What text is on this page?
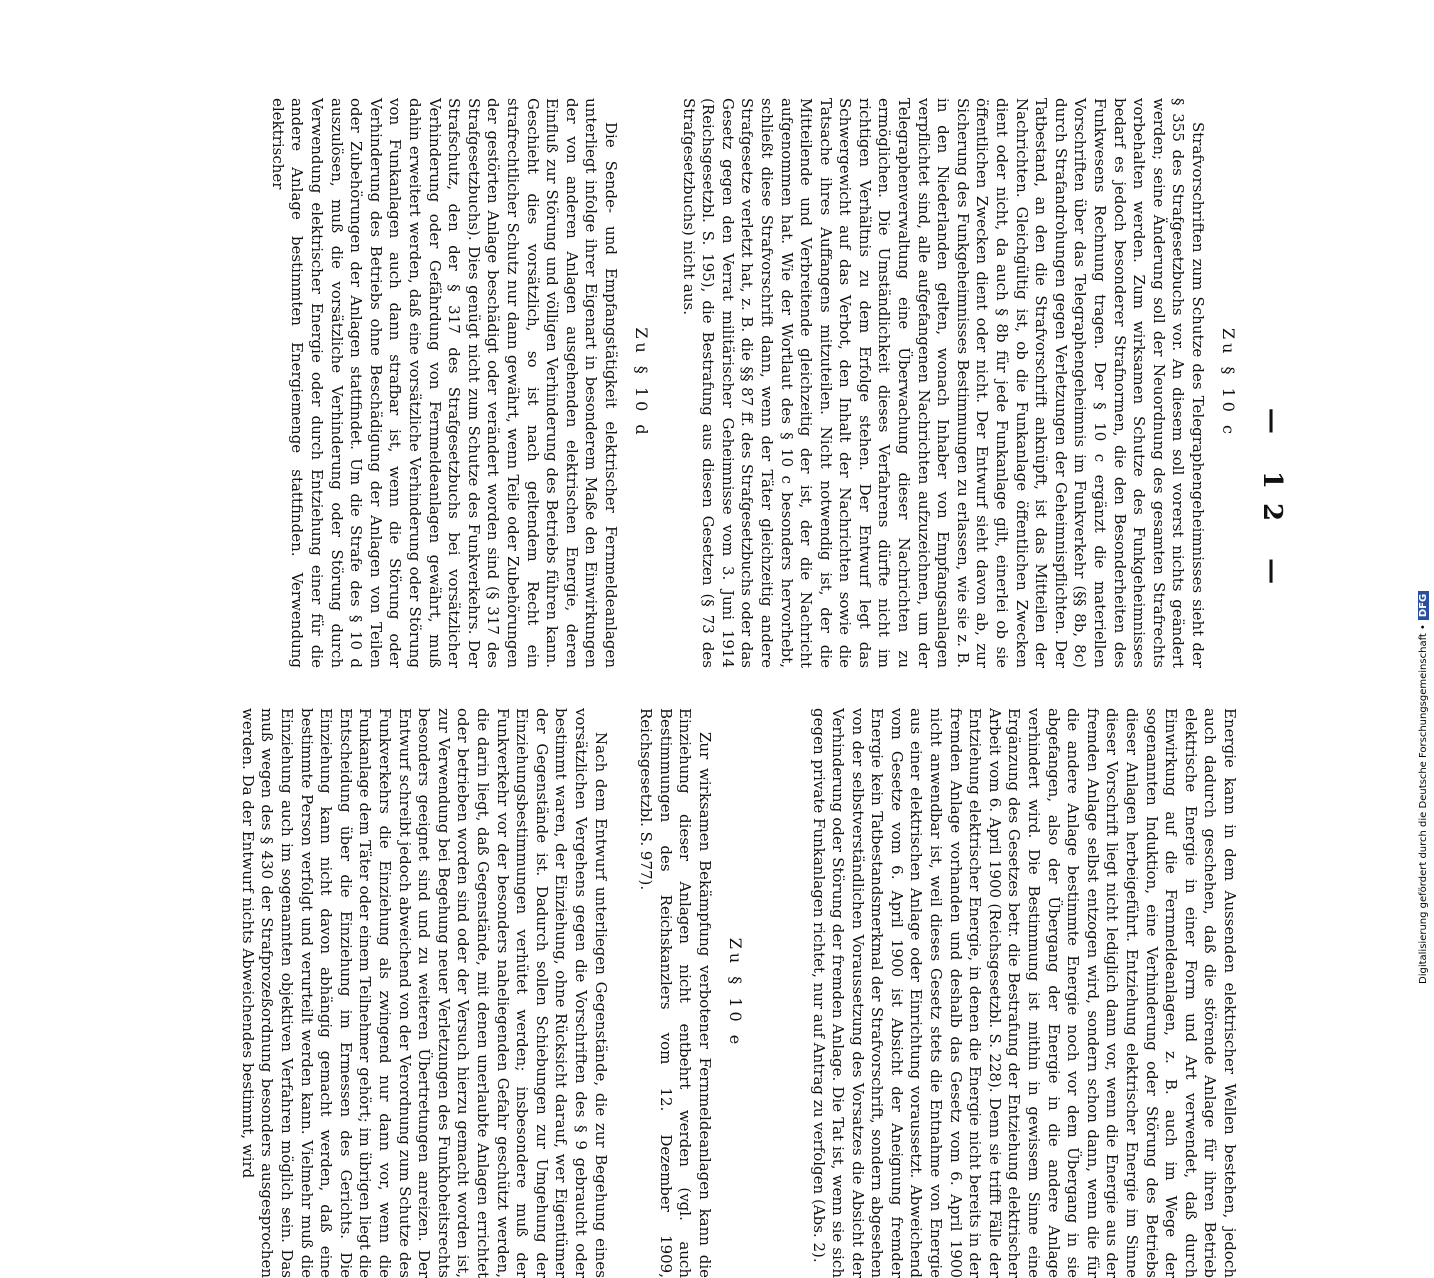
— 12 —
Zu § 10 c

Strafvorschriften zum Schutze des Telegraphengeheimnisses sieht der § 355 des Strafgesetzbuchs vor. An diesem soll vorerst nichts geändert werden; seine Änderung soll der Neuordnung des gesamten Strafrechts vorbehalten werden. Zum wirksamen Schutze des Funkgeheimnisses bedarf es jedoch besonderer Strafnormen, die den Besonderheiten des Funkwesens Rechnung tragen. Der § 10 c ergänzt die materiellen Vorschriften über das Telegraphengeheimnis im Funkverkehr (§§ 8b, 8c) durch Strafandrohungen gegen Verletzungen der Geheimnispflichten. Der Tatbestand, an den die Strafvorschrift anknüpft, ist das Mitteilen der Nachrichten. Gleichgültig ist, ob die Funkanlage öffentlichen Zwecken dient oder nicht, da auch § 8b für jede Funkanlage gilt, einerlei ob sie öffentlichen Zwecken dient oder nicht. Der Entwurf sieht davon ab, zur Sicherung des Funkgeheimnisses Bestimmungen zu erlassen, wie sie z. B. in den Niederlanden gelten, wonach Inhaber von Empfangsanlagen verpflichtet sind, alle aufgefangenen Nachrichten aufzuzeichnen, um der Telegraphenverwaltung eine Überwachung dieser Nachrichten zu ermöglichen. Die Umständlichkeit dieses Verfahrens dürfte nicht im richtigen Verhältnis zu dem Erfolge stehen. Der Entwurf legt das Schwergewicht auf das Verbot, den Inhalt der Nachrichten sowie die Tatsache ihres Auffangens mitzuteilen. Nicht notwendig ist, der die Mitteilende und Verbreitende gleichzeitig der ist, der die Nachricht aufgenommen hat. Wie der Wortlaut des § 10 c besonders hervorhebt, schließt diese Strafvorschrift dann, wenn der Täter gleichzeitig andere Strafgesetze verletzt hat, z. B. die §§ 87 ff. des Strafgesetzbuchs oder das Gesetz gegen den Verrat militärischer Geheimnisse vom 3. Juni 1914 (Reichsgesetzbl. S. 195), die Bestrafung aus diesen Gesetzen (§ 73 des Strafgesetzbuchs) nicht aus.

Zu § 10 d

Die Sende- und Empfangstätigkeit elektrischer Fernmeldeanlagen unterliegt infolge ihrer Eigenart in besonderem Maße den Einwirkungen der von anderen Anlagen ausgehenden elektrischen Energie, deren Einfluß zur Störung und völligen Verhinderung des Betriebs führen kann. Geschieht dies vorsätzlich, so ist nach geltendem Recht ein strafrechtlicher Schutz nur dann gewährt, wenn Teile oder Zubehörungen der gestörten Anlage beschädigt oder verändert worden sind (§ 317 des Strafgesetzbuchs). Dies genügt nicht zum Schutze des Funkverkehrs. Der Strafschutz, den der § 317 des Strafgesetzbuchs bei vorsätzlicher Verhinderung oder Gefährdung von Fernmeldeanlagen gewährt, muß dahin erweitert werden, daß eine vorsätzliche Verhinderung oder Störung von Funkanlagen auch dann strafbar ist, wenn die Störung oder Verhinderung des Betriebs ohne Beschädigung der Anlagen von Teilen oder Zubehörungen der Anlagen stattfindet. Um die Strafe des § 10 d auszulösen, muß die vorsätzliche Verhinderung oder Störung durch Verwendung elektrischer Energie oder durch Entziehung einer für die andere Anlage bestimmten Energiemenge stattfinden. Verwendung elektrischer

Energie kann in dem Aussenden elektrischer Wellen bestehen, jedoch auch dadurch geschehen, daß die störende Anlage für ihren Betrieb elektrische Energie in einer Form und Art verwendet, daß durch Einwirkung auf die Fernmeldeanlagen, z. B. auch im Wege der sogenannten Induktion, eine Verhinderung oder Störung des Betriebs dieser Anlagen herbeigeführt. Entziehung elektrischer Energie im Sinne dieser Vorschrift liegt nicht lediglich dann vor, wenn die Energie aus der fremden Anlage selbst entzogen wird, sondern schon dann, wenn die für die andere Anlage bestimmte Energie noch vor dem Übergang in sie abgefangen, also der Übergang der Energie in die andere Anlage verhindert wird. Die Bestimmung ist mithin in gewissem Sinne eine Ergänzung des Gesetzes betr. die Bestrafung der Entziehung elektrischer Arbeit vom 6. April 1900 (Reichsgesetzbl. S. 228). Denn sie trifft Fälle der Entziehung elektrischer Energie, in denen die Energie nicht bereits in der fremden Anlage vorhanden und deshalb das Gesetz vom 6. April 1900 nicht anwendbar ist, weil dieses Gesetz stets die Entnahme von Energie aus einer elektrischen Anlage oder Einrichtung voraussetzt. Abweichend vom Gesetze vom 6. April 1900 ist Absicht der Aneignung fremder Energie kein Tatbestandsmerkmal der Strafvorschrift, sondern abgesehen von der selbstverständlichen Voraussetzung des Vorsatzes die Absicht der Verhinderung oder Störung der fremden Anlage. Die Tat ist, wenn sie sich gegen private Funkanlagen richtet, nur auf Antrag zu verfolgen (Abs. 2).

Zu § 10 e

Zur wirksamen Bekämpfung verbotener Fernmeldeanlagen kann die Einziehung dieser Anlagen nicht entbehrt werden (vgl. auch Bestimmungen des Reichskanzlers vom 12. Dezember 1909, Reichsgesetzbl. S. 977).

Nach dem Entwurf unterliegen Gegenstände, die zur Begehung eines vorsätzlichen Vergehens gegen die Vorschriften des § 9 gebraucht oder bestimmt waren, der Einziehung, ohne Rücksicht darauf, wer Eigentümer der Gegenstände ist. Dadurch sollen Schiebungen zur Umgehung der Einziehungsbestimmungen verhütet werden; insbesondere muß der Funkverkehr vor der besonders naheliegenden Gefahr geschützt werden, die darin liegt, daß Gegenstände, mit denen unerlaubte Anlagen errichtet oder betrieben worden sind oder der Versuch hierzu gemacht worden ist, zur Verwendung bei Begehung neuer Verletzungen des Funkhoheitsrechts besonders geeignet sind und zu weiteren Übertretungen anreizen. Der Entwurf schreibt jedoch abweichend von der Verordnung zum Schutze des Funkverkehrs die Einziehung als zwingend nur dann vor, wenn die Funkanlage dem Täter oder einem Teilnehmer gehört; im übrigen liegt die Entscheidung über die Einziehung im Ermessen des Gerichts. Die Einziehung kann nicht davon abhängig gemacht werden, daß eine bestimmte Person verfolgt und verurteilt werden kann. Vielmehr muß die Einziehung auch im sogenannten objektiven Verfahren möglich sein. Das muß wegen des § 430 der Strafprozeßordnung besonders ausgesprochen werden. Da der Entwurf nichts Abweichendes bestimmt, wird	Digitalisierung gefördert durch die Deutsche Forschungsgemeinschaft •DFG
